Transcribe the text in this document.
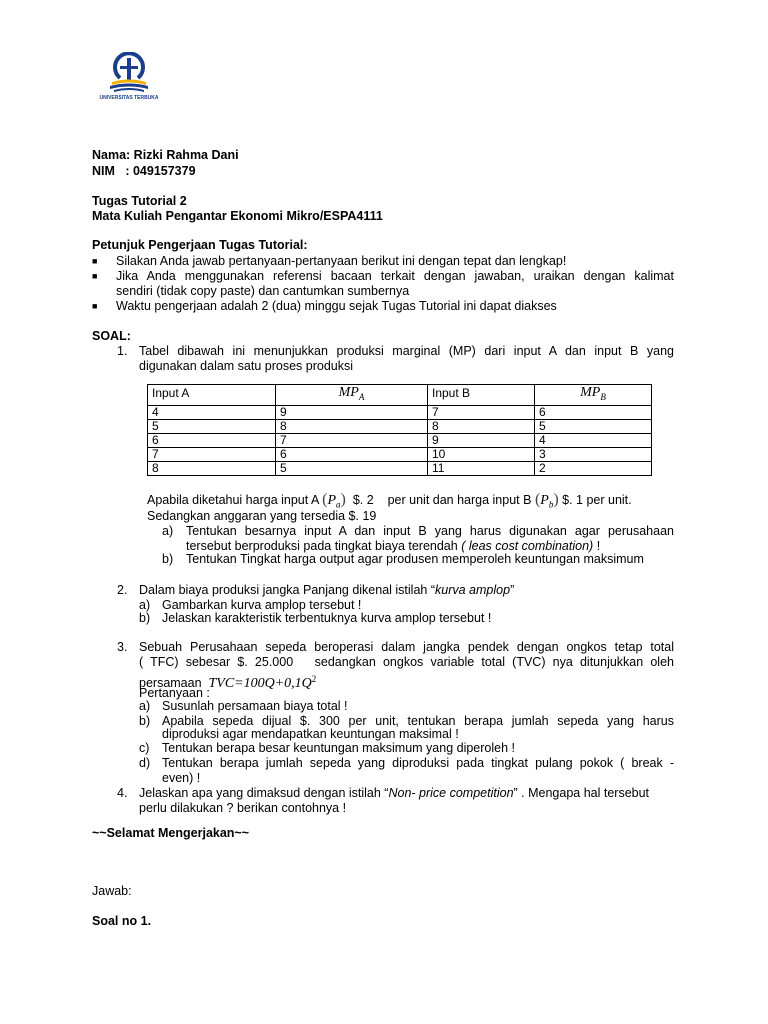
UNIVERSITAS TERBUKA
Nama: Rizki Rahma Dani
NIM   : 049157379
Tugas Tutorial 2
Mata Kuliah Pengantar Ekonomi Mikro/ESPA4111
Petunjuk Pengerjaan Tugas Tutorial:
■ Silakan Anda jawab pertanyaan-pertanyaan berikut ini dengan tepat dan lengkap!
■ Jika Anda menggunakan referensi bacaan terkait dengan jawaban, uraikan dengan kalimat
sendiri (tidak copy paste) dan cantumkan sumbernya
■ Waktu pengerjaan adalah 2 (dua) minggu sejak Tugas Tutorial ini dapat diakses
SOAL:
1. Tabel dibawah ini menunjukkan produksi marginal (MP) dari input A dan input B yang
digunakan dalam satu proses produksi
Input A	$MP_A$	Input B	$MP_B$

4	9	7	6
5	8	8	5
6	7	9	4
7	6	10	3
8	5	11	2
Apabila diketahui harga input A $(P_a)$ $. 2 per unit dan harga input B $(P_b)$ $. 1 per unit.
Sedangkan anggaran yang tersedia $. 19
a) Tentukan besarnya input A dan input B yang harus digunakan agar perusahaan
tersebut berproduksi pada tingkat biaya terendah ( leas cost combination) !
b) Tentukan Tingkat harga output agar produsen memperoleh keuntungan maksimum
2. Dalam biaya produksi jangka Panjang dikenal istilah “kurva amplop”
a) Gambarkan kurva amplop tersebut !
b) Jelaskan karakteristik terbentuknya kurva amplop tersebut !
3. Sebuah Perusahaan sepeda beroperasi dalam jangka pendek dengan ongkos tetap total
( TFC) sebesar $. 25.000   sedangkan ongkos variable total (TVC) nya ditunjukkan oleh
persamaan $TVC=100Q+0,1Q^2$
Pertanyaan :
a) Susunlah persamaan biaya total !
b) Apabila sepeda dijual $. 300 per unit, tentukan berapa jumlah sepeda yang harus
diproduksi agar mendapatkan keuntungan maksimal !
c) Tentukan berapa besar keuntungan maksimum yang diperoleh !
d) Tentukan berapa jumlah sepeda yang diproduksi pada tingkat pulang pokok ( break -
even) !
4. Jelaskan apa yang dimaksud dengan istilah “Non- price competition” . Mengapa hal tersebut
perlu dilakukan ? berikan contohnya !
~~Selamat Mengerjakan~~
Jawab:
Soal no 1.
